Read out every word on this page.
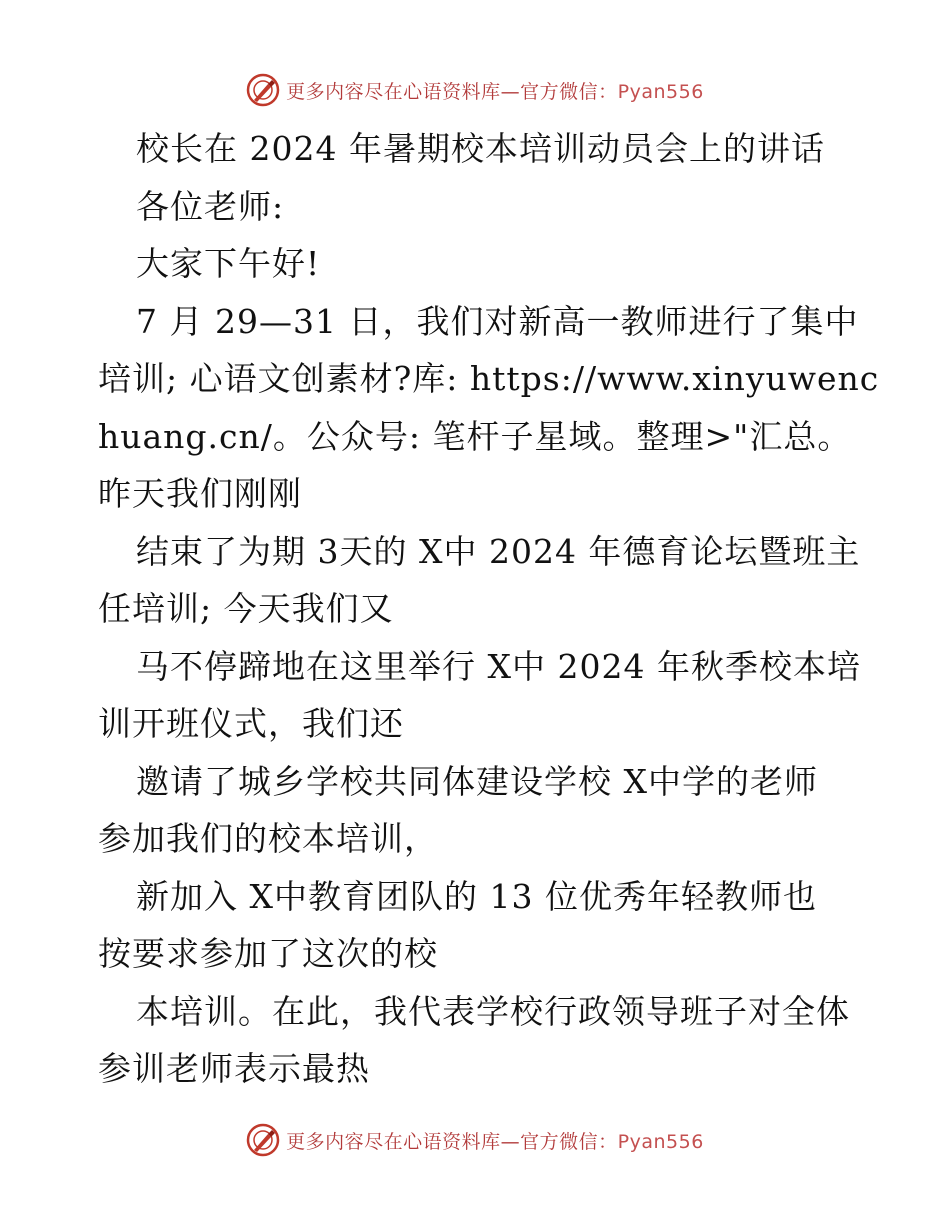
更多内容尽在心语资料库—官方微信：Pyan556
校长在 2024 年暑期校本培训动员会上的讲话
各位老师:
大家下午好!
7 月 29—31 日，我们对新高一教师进行了集中
培训; 心语文创素材?库: https://www.xinyuwenc
huang.cn/。公众号: 笔杆子星域。整理>"汇总。
昨天我们刚刚
结束了为期 3天的 X中 2024 年德育论坛暨班主
任培训; 今天我们又
马不停蹄地在这里举行 X中 2024 年秋季校本培
训开班仪式，我们还
邀请了城乡学校共同体建设学校 X中学的老师
参加我们的校本培训，
新加入 X中教育团队的 13 位优秀年轻教师也
按要求参加了这次的校
本培训。在此，我代表学校行政领导班子对全体
参训老师表示最热
更多内容尽在心语资料库—官方微信：Pyan556
